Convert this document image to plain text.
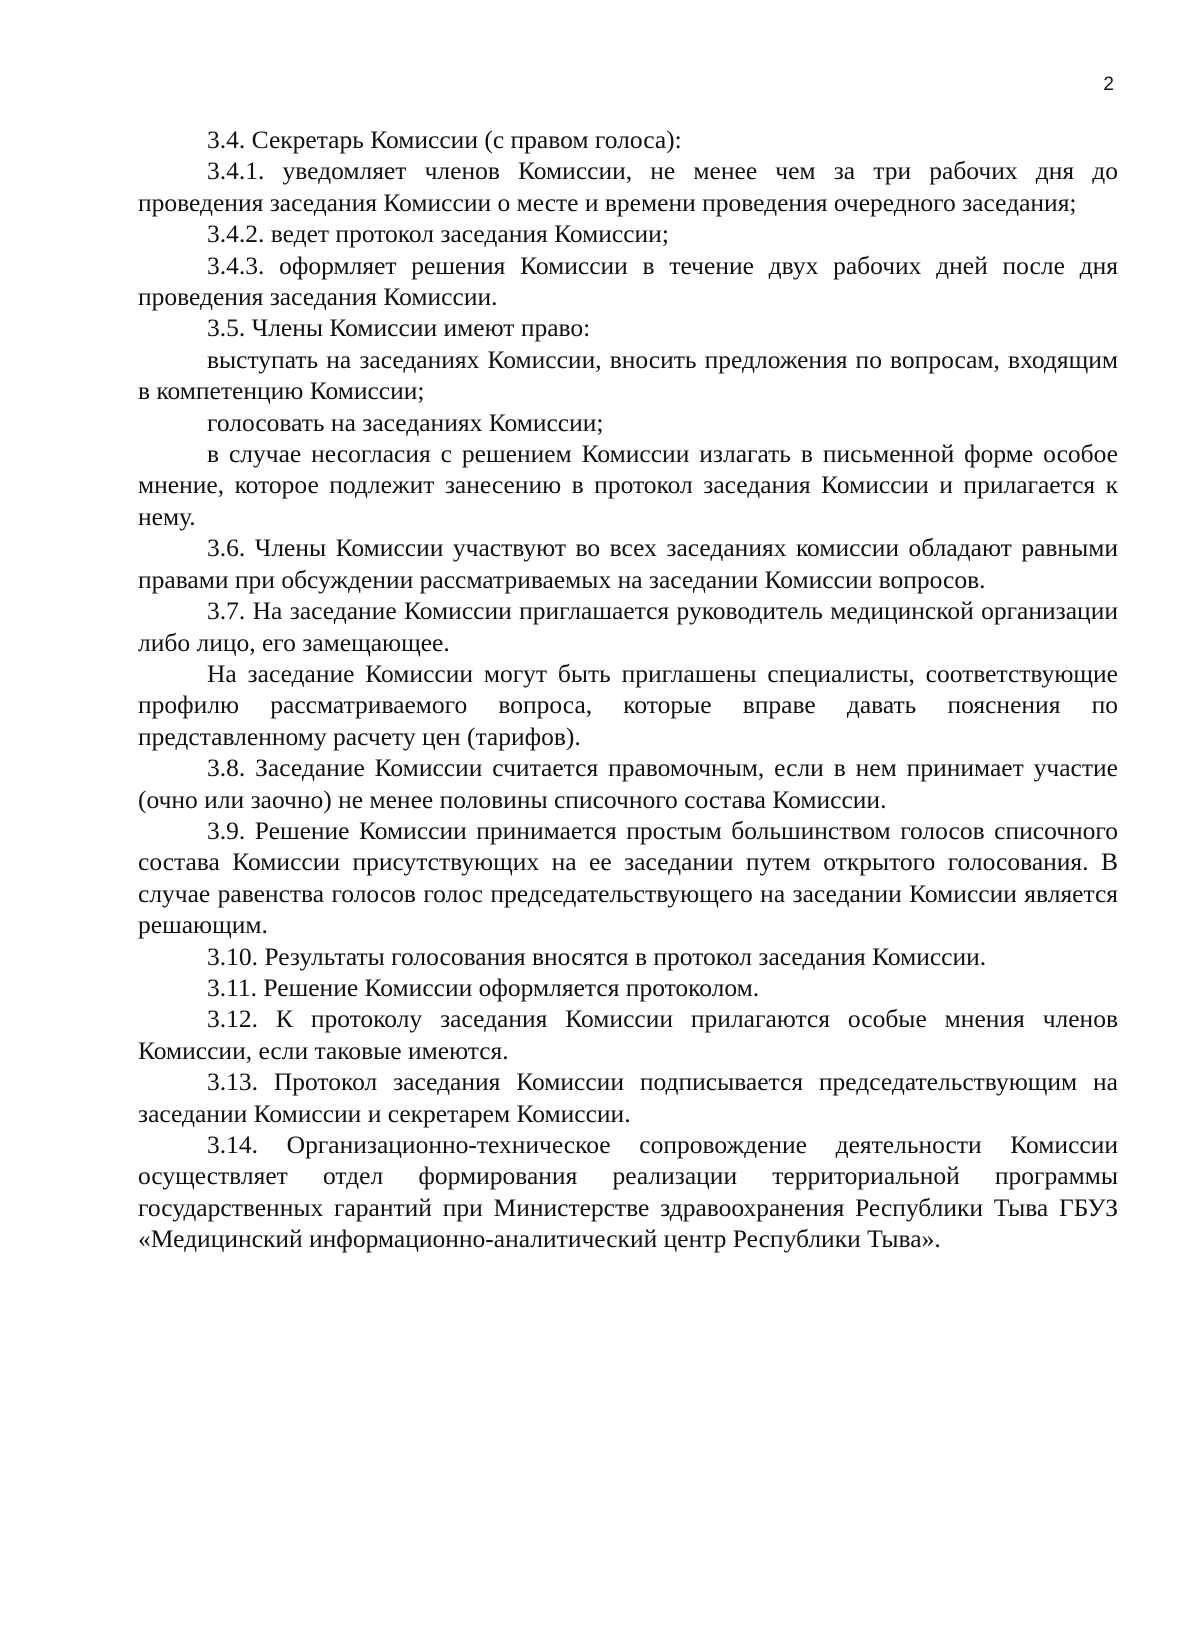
2

3.4. Секретарь Комиссии (с правом голоса):

3.4.1. уведомляет членов Комиссии, не менее чем за три рабочих дня до проведения заседания Комиссии о месте и времени проведения очередного заседания;

3.4.2. ведет протокол заседания Комиссии;

3.4.3. оформляет решения Комиссии в течение двух рабочих дней после дня проведения заседания Комиссии.

3.5. Члены Комиссии имеют право:

выступать на заседаниях Комиссии, вносить предложения по вопросам, входящим в компетенцию Комиссии;

голосовать на заседаниях Комиссии;

в случае несогласия с решением Комиссии излагать в письменной форме особое мнение, которое подлежит занесению в протокол заседания Комиссии и прилагается к нему.

3.6. Члены Комиссии участвуют во всех заседаниях комиссии обладают равными правами при обсуждении рассматриваемых на заседании Комиссии вопросов.

3.7. На заседание Комиссии приглашается руководитель медицинской организации либо лицо, его замещающее.

На заседание Комиссии могут быть приглашены специалисты, соответствующие профилю рассматриваемого вопроса, которые вправе давать пояснения по представленному расчету цен (тарифов).

3.8. Заседание Комиссии считается правомочным, если в нем принимает участие (очно или заочно) не менее половины списочного состава Комиссии.

3.9. Решение Комиссии принимается простым большинством голосов списочного состава Комиссии присутствующих на ее заседании путем открытого голосования. В случае равенства голосов голос председательствующего на заседании Комиссии является решающим.

3.10. Результаты голосования вносятся в протокол заседания Комиссии.

3.11. Решение Комиссии оформляется протоколом.

3.12. К протоколу заседания Комиссии прилагаются особые мнения членов Комиссии, если таковые имеются.

3.13. Протокол заседания Комиссии подписывается председательствующим на заседании Комиссии и секретарем Комиссии.

3.14. Организационно-техническое сопровождение деятельности Комиссии осуществляет отдел формирования реализации территориальной программы государственных гарантий при Министерстве здравоохранения Республики Тыва ГБУЗ «Медицинский информационно-аналитический центр Республики Тыва».
